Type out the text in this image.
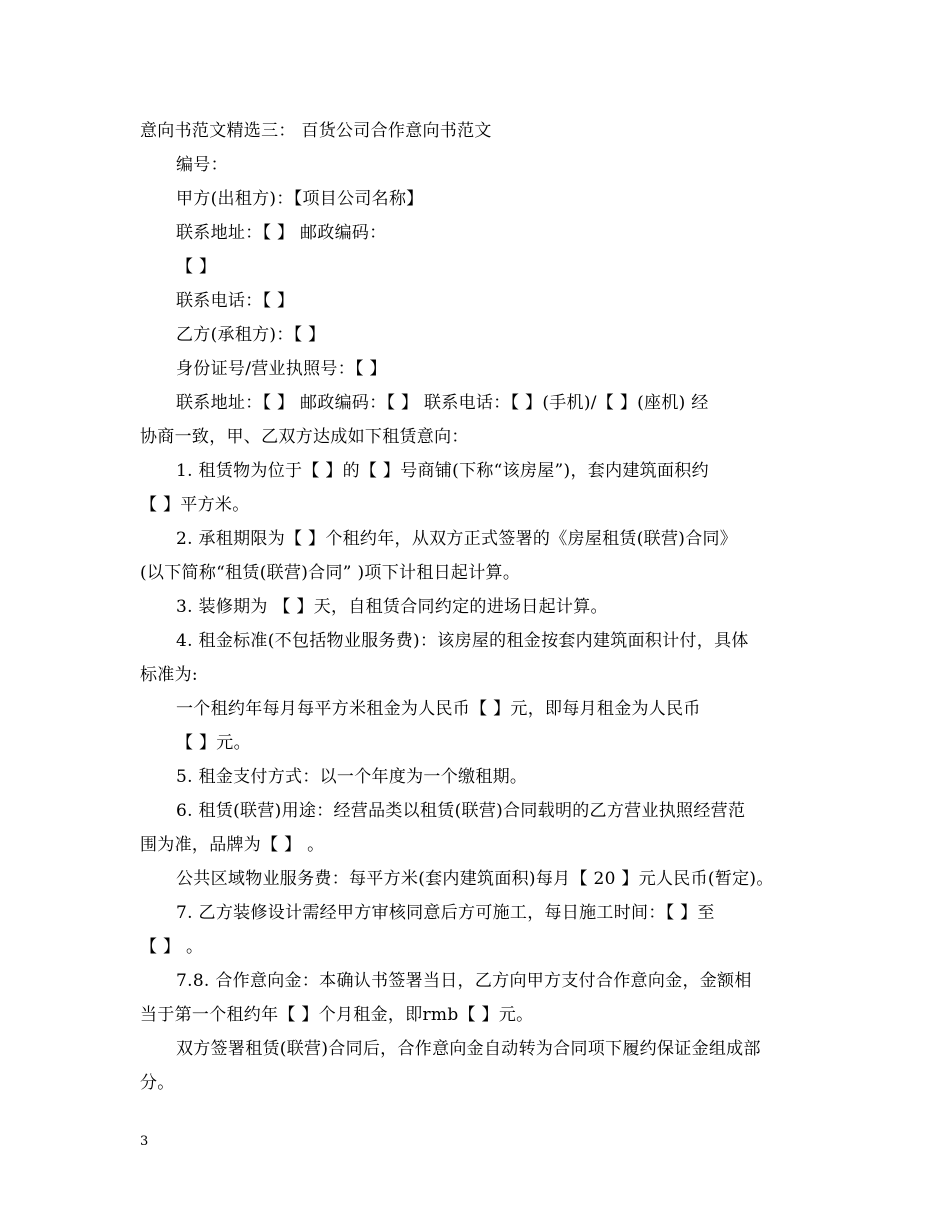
意向书范文精选三： 百货公司合作意向书范文
编号：
甲方(出租方)：【项目公司名称】
联系地址：【 】 邮政编码：
【 】
联系电话：【 】
乙方(承租方)：【 】
身份证号/营业执照号：【 】
联系地址：【 】 邮政编码：【 】 联系电话：【 】(手机)/【 】(座机) 经
协商一致，甲、乙双方达成如下租赁意向：
1. 租赁物为位于【 】的【 】号商铺(下称“该房屋”)，套内建筑面积约
【 】平方米。
2. 承租期限为【 】个租约年，从双方正式签署的《房屋租赁(联营)合同》
(以下简称“租赁(联营)合同” )项下计租日起计算。
3. 装修期为 【 】天，自租赁合同约定的进场日起计算。
4. 租金标准(不包括物业服务费)：该房屋的租金按套内建筑面积计付，具体
标准为:
一个租约年每月每平方米租金为人民币【 】元，即每月租金为人民币
【 】元。
5. 租金支付方式：以一个年度为一个缴租期。
6. 租赁(联营)用途：经营品类以租赁(联营)合同载明的乙方营业执照经营范
围为准，品牌为【 】 。
公共区域物业服务费：每平方米(套内建筑面积)每月【 20 】元人民币(暂定)。
7. 乙方装修设计需经甲方审核同意后方可施工，每日施工时间：【 】至
【 】 。
7.8. 合作意向金：本确认书签署当日，乙方向甲方支付合作意向金，金额相
当于第一个租约年【 】个月租金，即rmb【 】元。
双方签署租赁(联营)合同后，合作意向金自动转为合同项下履约保证金组成部
分。
3
